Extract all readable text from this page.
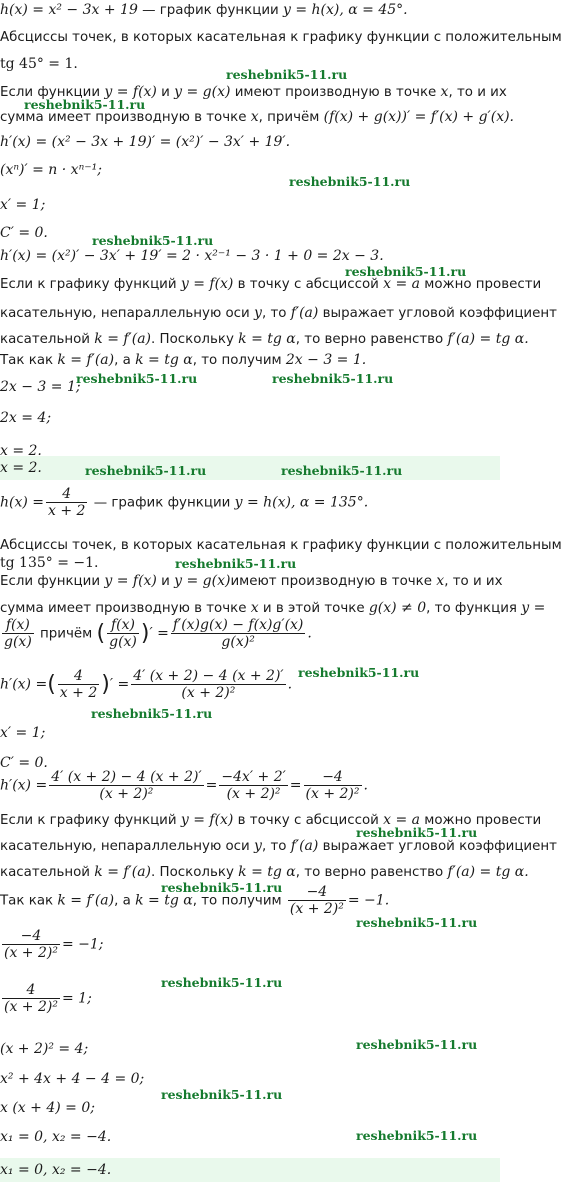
h(x) = x² − 3x + 19 — график функции y = h(x), α = 45°.
Абсциссы точек, в которых касательная к графику функции с положительным
tg 45° = 1.
Если функции y = f(x) и y = g(x) имеют производную в точке x, то и их
сумма имеет производную в точке x, причём (f(x) + g(x))′ = f′(x) + g′(x).
h′(x) = (x² − 3x + 19)′ = (x²)′ − 3x′ + 19′.
(xⁿ)′ = n · xⁿ⁻¹;
x′ = 1;
C′ = 0.
h′(x) = (x²)′ − 3x′ + 19′ = 2 · x²⁻¹ − 3 · 1 + 0 = 2x − 3.
Если к графику функций y = f(x) в точку с абсциссой x = a можно провести
касательную, непараллельную оси y, то f′(a) выражает угловой коэффициент
касательной k = f′(a). Поскольку k = tg α, то верно равенство f′(a) = tg α.
Так как k = f′(a), а k = tg α, то получим 2x − 3 = 1.
2x − 3 = 1;
2x = 4;
x = 2.
x = 2.
$h(x) = \frac{4}{x + 2}$ — график функции y = h(x), α = 135°.
Абсциссы точек, в которых касательная к графику функции с положительным
tg 135° = −1.
Если функции y = f(x) и y = g(x)имеют производную в точке x, то и их
сумма имеет производную в точке x и в этой точке g(x) ≠ 0, то функция y =
$\frac{f(x)}{g(x)}$ причём ( $\frac{f(x)}{g(x)}$ )′ = $\frac{f'(x)g(x) - f(x)g'(x)}{\text{g(x)²}}$ .
h′(x) =( $\frac{4}{x + 2}$ )′ = $\frac{4' (x + 2) - 4 (x + 2)'}{\text{(x + 2)²}}$ .
x′ = 1;
C′ = 0.
$h'(x) = \frac{4' (x + 2) - 4 (x + 2)'}{\text{(x + 2)²}} = \frac{-4x' + 2'}{\text{(x + 2)²}} = \frac{-4}{\text{(x + 2)²}}$ .
Если к графику функций y = f(x) в точку с абсциссой x = a можно провести
касательную, непараллельную оси y, то f′(a) выражает угловой коэффициент
касательной k = f′(a). Поскольку k = tg α, то верно равенство f′(a) = tg α.
Так как k = f′(a), а k = tg α, то получим $\frac{-4}{\text{(x + 2)²}} = -1$.
$\frac{-4}{\text{(x + 2)²}} = -1$;
$\frac{4}{\text{(x + 2)²}} = 1$;
(x + 2)² = 4;
x² + 4x + 4 − 4 = 0;
x (x + 4) = 0;
x₁ = 0, x₂ = −4.
x₁ = 0, x₂ = −4.
reshebnik5-11.ru
reshebnik5-11.ru
reshebnik5-11.ru
reshebnik5-11.ru
reshebnik5-11.ru
reshebnik5-11.ru	reshebnik5-11.ru
reshebnik5-11.ru	reshebnik5-11.ru
reshebnik5-11.ru
reshebnik5-11.ru
reshebnik5-11.ru
reshebnik5-11.ru
reshebnik5-11.ru
reshebnik5-11.ru
reshebnik5-11.ru
reshebnik5-11.ru
reshebnik5-11.ru
reshebnik5-11.ru
